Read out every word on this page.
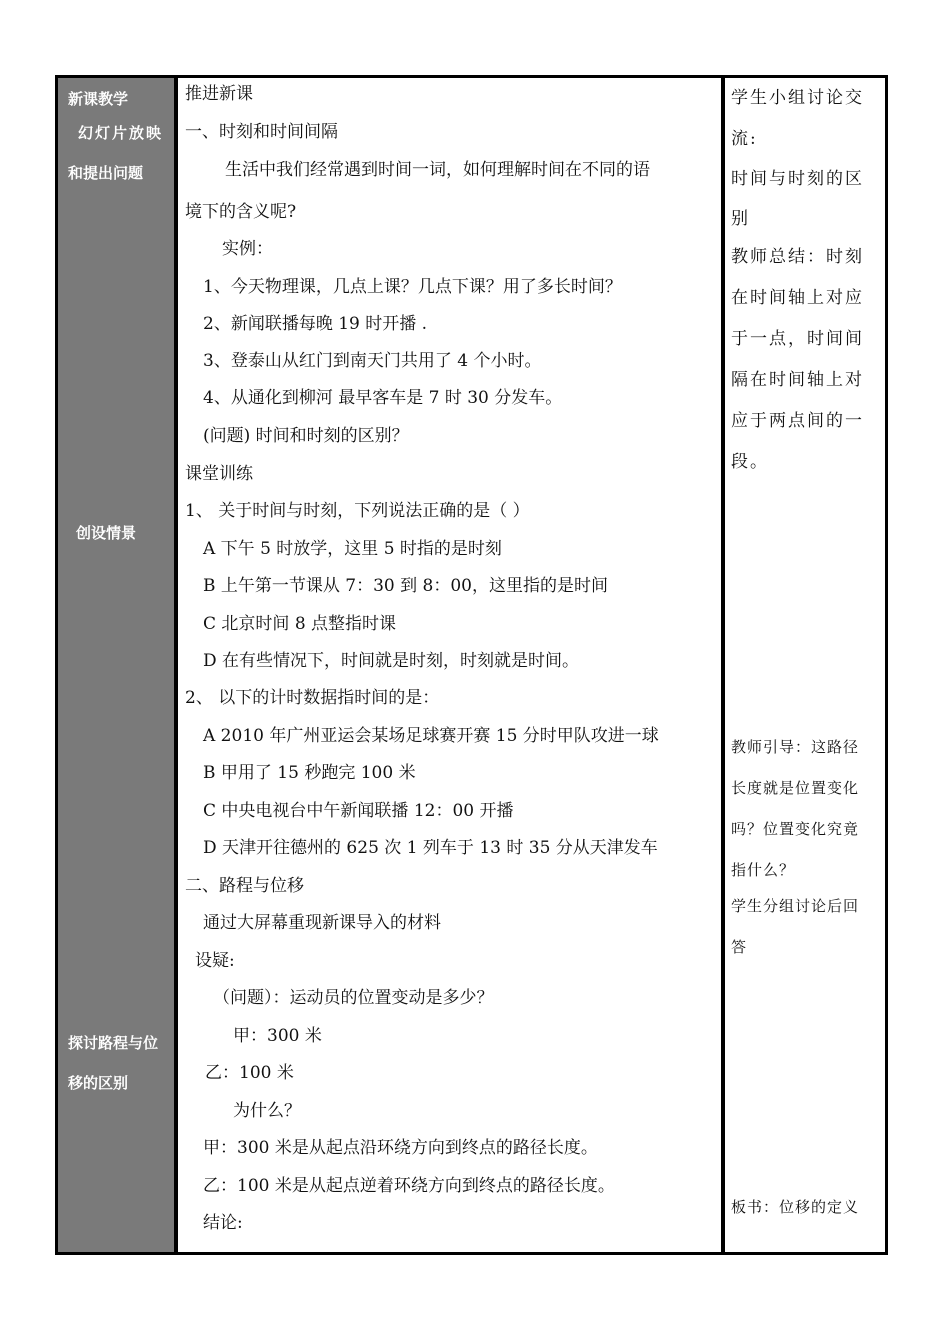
新课教学
幻灯片放映
和提出问题
创设情景
探讨路程与位
移的区别
推进新课
一、时刻和时间间隔
生活中我们经常遇到时间一词，如何理解时间在不同的语
境下的含义呢?
实例：
1、今天物理课，几点上课？几点下课？用了多长时间？
2、新闻联播每晚 19 时开播 .
3、登泰山从红门到南天门共用了 4 个小时。
4、从通化到柳河 最早客车是 7 时 30 分发车。
(问题) 时间和时刻的区别？
课堂训练
1、 关于时间与时刻，下列说法正确的是（ ）
A 下午 5 时放学，这里 5 时指的是时刻
B 上午第一节课从 7：30 到 8：00，这里指的是时间
C 北京时间 8 点整指时课
D 在有些情况下，时间就是时刻，时刻就是时间。
2、 以下的计时数据指时间的是：
A 2010 年广州亚运会某场足球赛开赛 15 分时甲队攻进一球
B 甲用了 15 秒跑完 100 米
C 中央电视台中午新闻联播 12：00 开播
D 天津开往德州的 625 次 1 列车于 13 时 35 分从天津发车
二、路程与位移
通过大屏幕重现新课导入的材料
设疑:
（问题）：运动员的位置变动是多少？
甲：300 米
乙：100 米
为什么？
甲：300 米是从起点沿环绕方向到终点的路径长度。
乙：100 米是从起点逆着环绕方向到终点的路径长度。
结论:
学生小组讨论交
流:
时间与时刻的区
别
教师总结：时刻
在时间轴上对应
于一点，时间间
隔在时间轴上对
应于两点间的一
段。
教师引导：这路径
长度就是位置变化
吗？位置变化究竟
指什么？
学生分组讨论后回
答
板书：位移的定义
